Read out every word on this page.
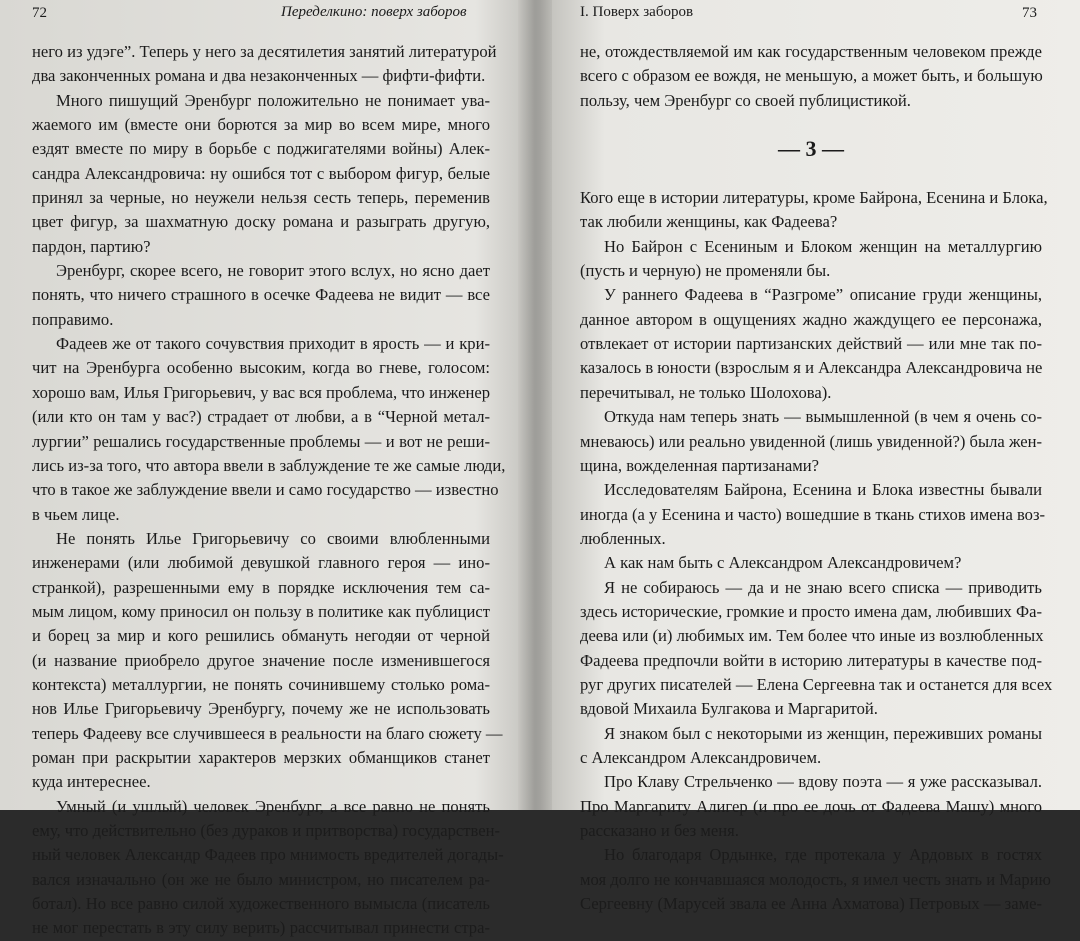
72	Переделкино: поверх заборов
него из удэге”. Теперь у него за десятилетия занятий литературой
два законченных романа и два незаконченных — фифти-фифти.
Много пишущий Эренбург положительно не понимает ува-
жаемого им (вместе они борются за мир во всем мире, много
ездят вместе по миру в борьбе с поджигателями войны) Алек-
сандра Александровича: ну ошибся тот с выбором фигур, белые
принял за черные, но неужели нельзя сесть теперь, переменив
цвет фигур, за шахматную доску романа и разыграть другую,
пардон, партию?
Эренбург, скорее всего, не говорит этого вслух, но ясно дает
понять, что ничего страшного в осечке Фадеева не видит — все
поправимо.
Фадеев же от такого сочувствия приходит в ярость — и кри-
чит на Эренбурга особенно высоким, когда во гневе, голосом:
хорошо вам, Илья Григорьевич, у вас вся проблема, что инженер
(или кто он там у вас?) страдает от любви, а в “Черной метал-
лургии” решались государственные проблемы — и вот не реши-
лись из-за того, что автора ввели в заблуждение те же самые люди,
что в такое же заблуждение ввели и само государство — известно
в чьем лице.
Не понять Илье Григорьевичу со своими влюбленными
инженерами (или любимой девушкой главного героя — ино-
странкой), разрешенными ему в порядке исключения тем са-
мым лицом, кому приносил он пользу в политике как публицист
и борец за мир и кого решились обмануть негодяи от черной
(и название приобрело другое значение после изменившегося
контекста) металлургии, не понять сочинившему столько рома-
нов Илье Григорьевичу Эренбургу, почему же не использовать
теперь Фадееву все случившееся в реальности на благо сюжету —
роман при раскрытии характеров мерзких обманщиков станет
куда интереснее.
Умный (и ушлый) человек Эренбург, а все равно не понять
ему, что действительно (без дураков и притворства) государствен-
ный человек Александр Фадеев про мнимость вредителей догады-
вался изначально (он же не было министром, но писателем ра-
ботал). Но все равно силой художественного вымысла (писатель
не мог перестать в эту силу верить) рассчитывал принести стра-
I. Поверх заборов	73
не, отождествляемой им как государственным человеком прежде
всего с образом ее вождя, не меньшую, а может быть, и большую
пользу, чем Эренбург со своей публицистикой.
— 3 —
Кого еще в истории литературы, кроме Байрона, Есенина и Блока,
так любили женщины, как Фадеева?
Но Байрон с Есениным и Блоком женщин на металлургию
(пусть и черную) не променяли бы.
У раннего Фадеева в “Разгроме” описание груди женщины,
данное автором в ощущениях жадно жаждущего ее персонажа,
отвлекает от истории партизанских действий — или мне так по-
казалось в юности (взрослым я и Александра Александровича не
перечитывал, не только Шолохова).
Откуда нам теперь знать — вымышленной (в чем я очень со-
мневаюсь) или реально увиденной (лишь увиденной?) была жен-
щина, вожделенная партизанами?
Исследователям Байрона, Есенина и Блока известны бывали
иногда (а у Есенина и часто) вошедшие в ткань стихов имена воз-
любленных.
А как нам быть с Александром Александровичем?
Я не собираюсь — да и не знаю всего списка — приводить
здесь исторические, громкие и просто имена дам, любивших Фа-
деева или (и) любимых им. Тем более что иные из возлюбленных
Фадеева предпочли войти в историю литературы в качестве под-
руг других писателей — Елена Сергеевна так и останется для всех
вдовой Михаила Булгакова и Маргаритой.
Я знаком был с некоторыми из женщин, переживших романы
с Александром Александровичем.
Про Клаву Стрельченко — вдову поэта — я уже рассказывал.
Про Маргариту Алигер (и про ее дочь от Фадеева Машу) много
рассказано и без меня.
Но благодаря Ордынке, где протекала у Ардовых в гостях
моя долго не кончавшаяся молодость, я имел честь знать и Марию
Сергеевну (Марусей звала ее Анна Ахматова) Петровых — заме-
